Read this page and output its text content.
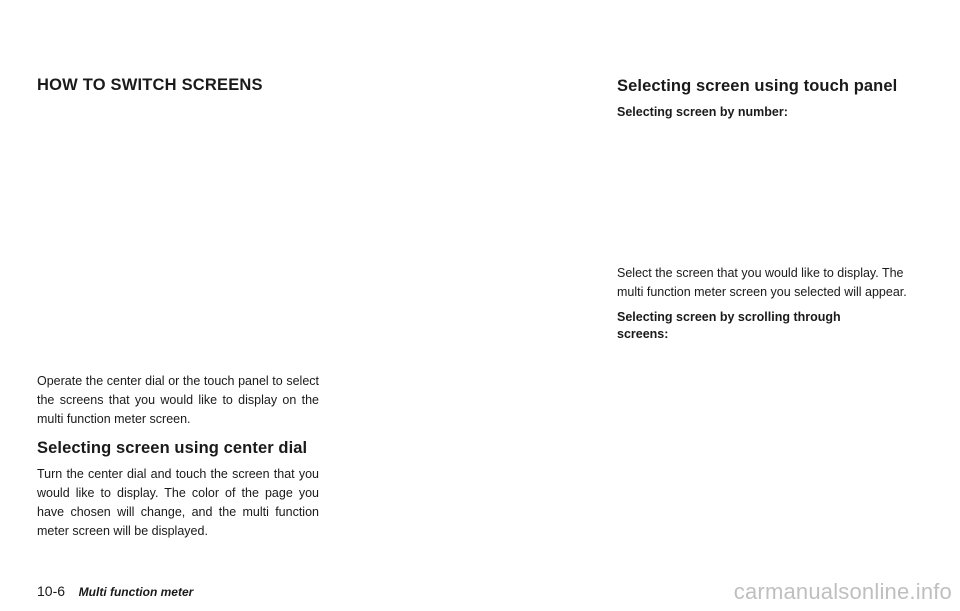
HOW TO SWITCH SCREENS

Operate the center dial or the touch panel to select the screens that you would like to display on the multi function meter screen.

Selecting screen using center dial

Turn the center dial and touch the screen that you would like to display. The color of the page you have chosen will change, and the multi function meter screen will be displayed.

Selecting screen using touch panel

Selecting screen by number:

Select the screen that you would like to display. The multi function meter screen you selected will appear.

Selecting screen by scrolling through screens:

10-6 Multi function meter	carmanualsonline.info
